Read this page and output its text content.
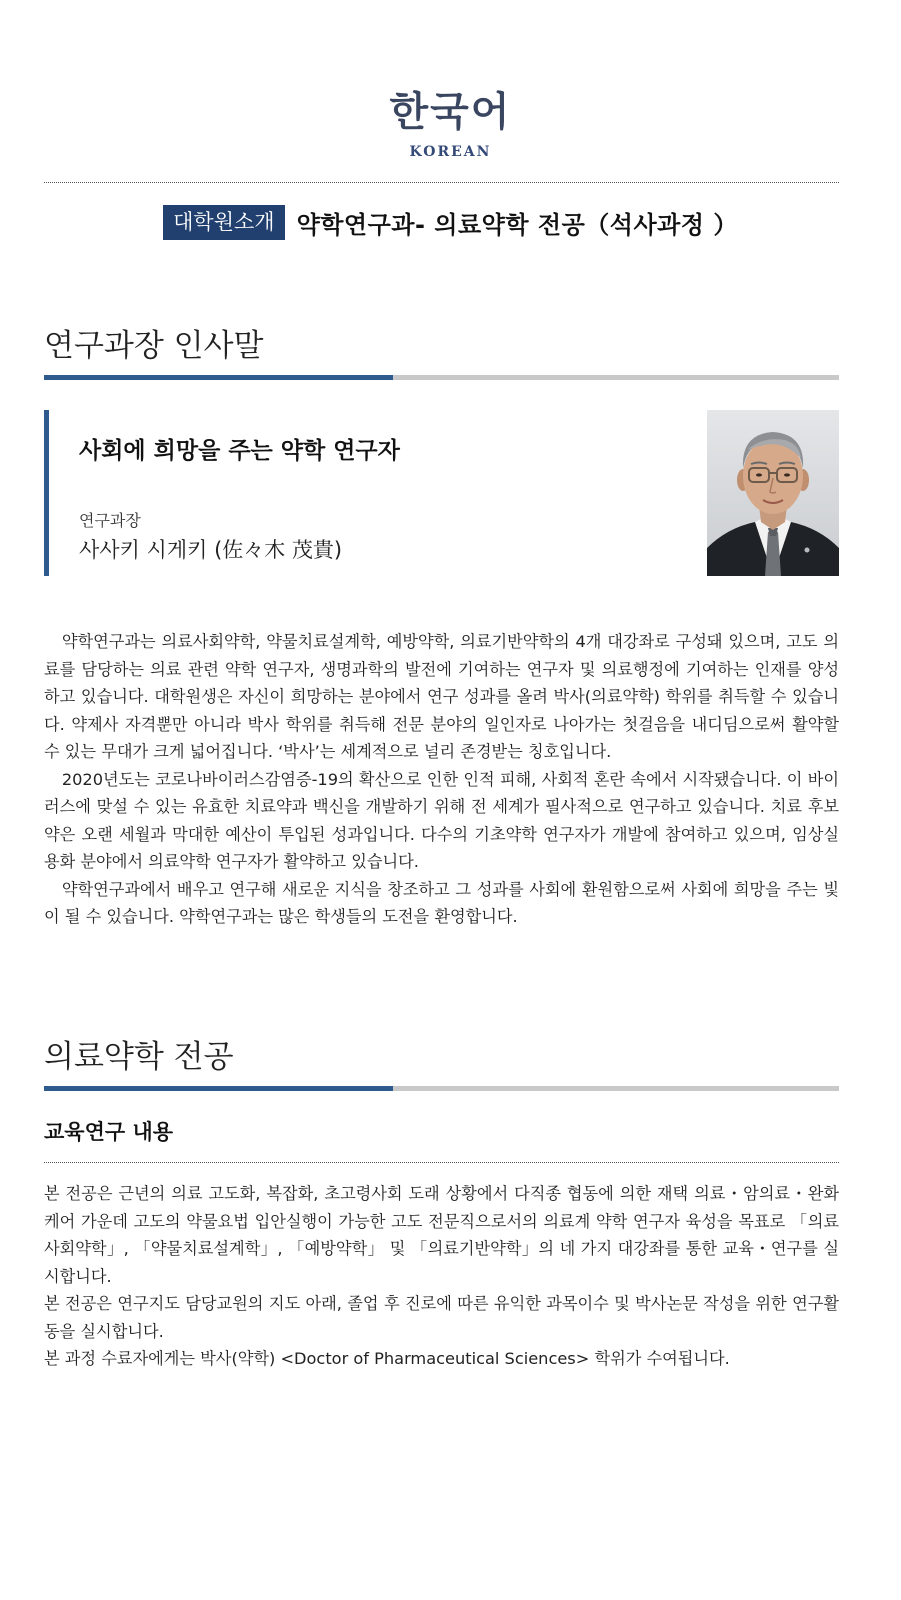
한국어
KOREAN
대학원소개 약학연구과- 의료약학 전공（석사과정 ）
연구과장 인사말
사회에 희망을 주는 약학 연구자
연구과장
사사키 시게키 (佐々木 茂貴)

약학연구과는 의료사회약학, 약물치료설계학, 예방약학, 의료기반약학의 4개 대강좌로 구성돼 있으며, 고도 의료를 담당하는 의료 관련 약학 연구자, 생명과학의 발전에 기여하는 연구자 및 의료행정에 기여하는 인재를 양성하고 있습니다. 대학원생은 자신이 희망하는 분야에서 연구 성과를 올려 박사(의료약학) 학위를 취득할 수 있습니다. 약제사 자격뿐만 아니라 박사 학위를 취득해 전문 분야의 일인자로 나아가는 첫걸음을 내디딤으로써 활약할 수 있는 무대가 크게 넓어집니다. ‘박사’는 세계적으로 널리 존경받는 칭호입니다.

2020년도는 코로나바이러스감염증-19의 확산으로 인한 인적 피해, 사회적 혼란 속에서 시작됐습니다. 이 바이러스에 맞설 수 있는 유효한 치료약과 백신을 개발하기 위해 전 세계가 필사적으로 연구하고 있습니다. 치료 후보약은 오랜 세월과 막대한 예산이 투입된 성과입니다. 다수의 기초약학 연구자가 개발에 참여하고 있으며, 임상실용화 분야에서 의료약학 연구자가 활약하고 있습니다.

약학연구과에서 배우고 연구해 새로운 지식을 창조하고 그 성과를 사회에 환원함으로써 사회에 희망을 주는 빛이 될 수 있습니다. 약학연구과는 많은 학생들의 도전을 환영합니다.

의료약학 전공
교육연구 내용

본 전공은 근년의 의료 고도화, 복잡화, 초고령사회 도래 상황에서 다직종 협동에 의한 재택 의료・암의료・완화 케어 가운데 고도의 약물요법 입안실행이 가능한 고도 전문직으로서의 의료계 약학 연구자 육성을 목표로 「의료사회약학」, 「약물치료설계학」, 「예방약학」 및 「의료기반약학」의 네 가지 대강좌를 통한 교육・연구를 실시합니다.

본 전공은 연구지도 담당교원의 지도 아래, 졸업 후 진로에 따른 유익한 과목이수 및 박사논문 작성을 위한 연구활동을 실시합니다.

본 과정 수료자에게는 박사(약학) <Doctor of Pharmaceutical Sciences> 학위가 수여됩니다.
